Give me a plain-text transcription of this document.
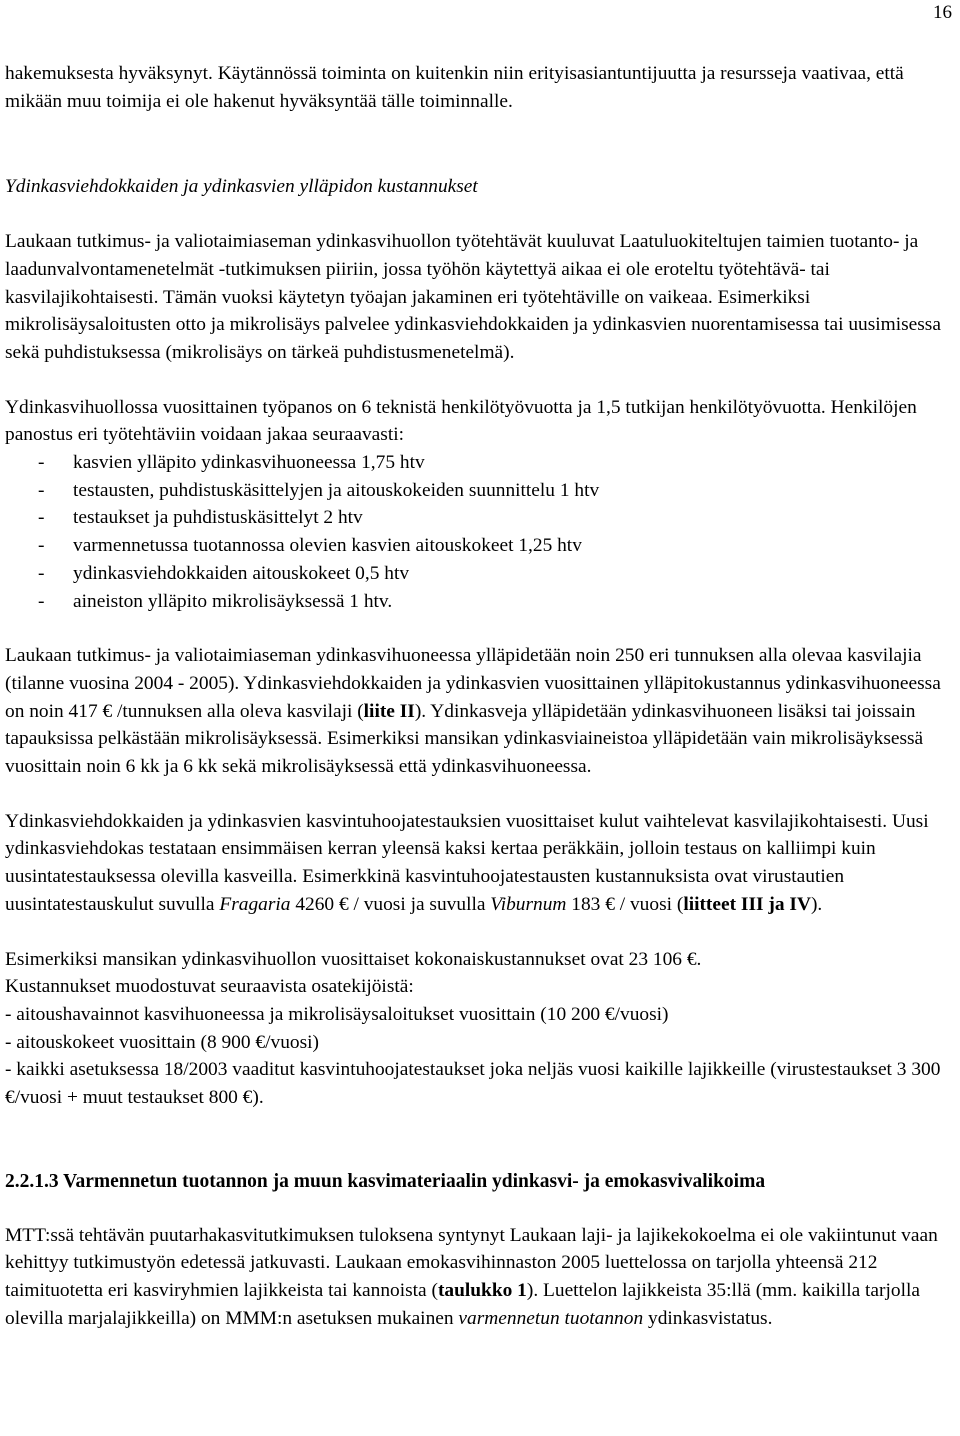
16

hakemuksesta hyväksynyt. Käytännössä toiminta on kuitenkin niin erityisasiantuntijuutta ja resursseja vaativaa, että mikään muu toimija ei ole hakenut hyväksyntää tälle toiminnalle.

Ydinkasviehdokkaiden ja ydinkasvien ylläpidon kustannukset

Laukaan tutkimus- ja valiotaimiaseman ydinkasvihuollon työtehtävät kuuluvat Laatuluokiteltujen taimien tuotanto- ja laadunvalvontamenetelmät -tutkimuksen piiriin, jossa työhön käytettyä aikaa ei ole eroteltu työtehtävä- tai kasvilajikohtaisesti. Tämän vuoksi käytetyn työajan jakaminen eri työtehtäville on vaikeaa. Esimerkiksi mikrolisäysaloitusten otto ja mikrolisäys palvelee ydinkasviehdokkaiden ja ydinkasvien nuorentamisessa tai uusimisessa sekä puhdistuksessa (mikrolisäys on tärkeä puhdistusmenetelmä).

Ydinkasvihuollossa vuosittainen työpanos on 6 teknistä henkilötyövuotta ja 1,5 tutkijan henkilötyövuotta. Henkilöjen panostus eri työtehtäviin voidaan jakaa seuraavasti:

-	kasvien ylläpito ydinkasvihuoneessa 1,75 htv
-	testausten, puhdistuskäsittelyjen ja aitouskokeiden suunnittelu 1 htv
-	testaukset ja puhdistuskäsittelyt 2 htv
-	varmennetussa tuotannossa olevien kasvien aitouskokeet 1,25 htv
-	ydinkasviehdokkaiden aitouskokeet 0,5 htv
-	aineiston ylläpito mikrolisäyksessä 1 htv.

Laukaan tutkimus- ja valiotaimiaseman ydinkasvihuoneessa ylläpidetään noin 250 eri tunnuksen alla olevaa kasvilajia (tilanne vuosina 2004 - 2005). Ydinkasviehdokkaiden ja ydinkasvien vuosittainen ylläpitokustannus ydinkasvihuoneessa on noin 417 € /tunnuksen alla oleva kasvilaji (liite II). Ydinkasveja ylläpidetään ydinkasvihuoneen lisäksi tai joissain tapauksissa pelkästään mikrolisäyksessä. Esimerkiksi mansikan ydinkasviaineistoa ylläpidetään vain mikrolisäyksessä vuosittain noin 6 kk ja 6 kk sekä mikrolisäyksessä että ydinkasvihuoneessa.

Ydinkasviehdokkaiden ja ydinkasvien kasvintuhoojatestauksien vuosittaiset kulut vaihtelevat kasvilajikohtaisesti. Uusi ydinkasviehdokas testataan ensimmäisen kerran yleensä kaksi kertaa peräkkäin, jolloin testaus on kalliimpi kuin uusintatestauksessa olevilla kasveilla. Esimerkkinä kasvintuhoojatestausten kustannuksista ovat virustautien uusintatestauskulut suvulla Fragaria 4260 € / vuosi ja suvulla Viburnum 183 € / vuosi (liitteet III ja IV).

Esimerkiksi mansikan ydinkasvihuollon vuosittaiset kokonaiskustannukset ovat 23 106 €.

Kustannukset muodostuvat seuraavista osatekijöistä:

- aitoushavainnot kasvihuoneessa ja mikrolisäysaloitukset vuosittain (10 200 €/vuosi)

- aitouskokeet vuosittain (8 900 €/vuosi)

- kaikki asetuksessa 18/2003 vaaditut kasvintuhoojatestaukset joka neljäs vuosi kaikille lajikkeille (virustestaukset 3 300 €/vuosi + muut testaukset 800 €).

2.2.1.3 Varmennetun tuotannon ja muun kasvimateriaalin ydinkasvi- ja emokasvivalikoima

MTT:ssä tehtävän puutarhakasvitutkimuksen tuloksena syntynyt Laukaan laji- ja lajikekokoelma ei ole vakiintunut vaan kehittyy tutkimustyön edetessä jatkuvasti. Laukaan emokasvihinnaston 2005 luettelossa on tarjolla yhteensä 212 taimituotetta eri kasviryhmien lajikkeista tai kannoista (taulukko 1). Luettelon lajikkeista 35:llä (mm. kaikilla tarjolla olevilla marjalajikkeilla) on MMM:n asetuksen mukainen varmennetun tuotannon ydinkasvistatus.
